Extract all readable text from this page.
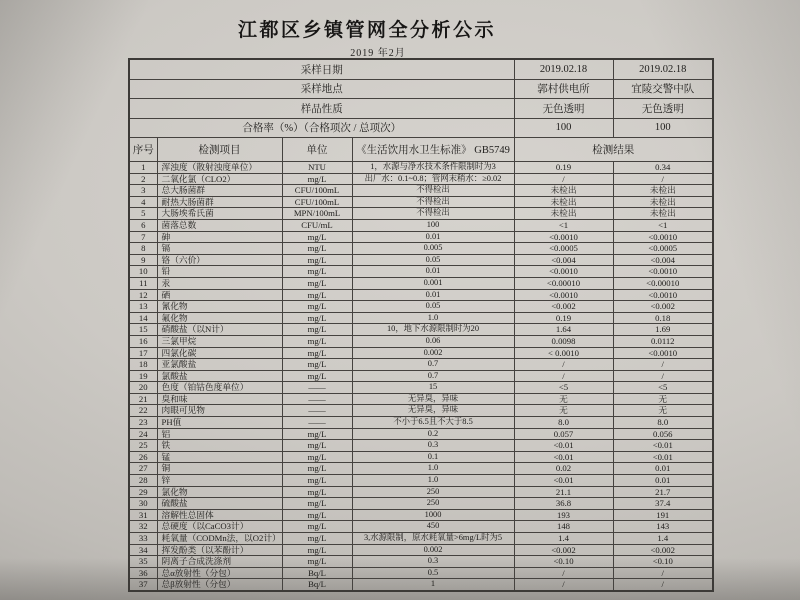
江都区乡镇管网全分析公示
2019 年2月
采样日期				2019.02.18	2019.02.18
采样地点				郭村供电所	宜陵交警中队
样品性质				无色透明	无色透明
合格率（%）（合格项次 / 总项次）				100	100
序号	检测项目	单位	《生活饮用水卫生标准》 GB5749	检测结果	
1	浑浊度（散射浊度单位）	NTU	1，水源与净水技术条件限制时为3	0.19	0.34
2	二氧化氯（CLO2）	mg/L	出厂水：0.1~0.8；管网末稍水：≥0.02	/	/
3	总大肠菌群	CFU/100mL	不得检出	未检出	未检出
4	耐热大肠菌群	CFU/100mL	不得检出	未检出	未检出
5	大肠埃希氏菌	MPN/100mL	不得检出	未检出	未检出
6	菌落总数	CFU/mL	100	<1	<1
7	砷	mg/L	0.01	<0.0010	<0.0010
8	镉	mg/L	0.005	<0.0005	<0.0005
9	铬（六价）	mg/L	0.05	<0.004	<0.004
10	铅	mg/L	0.01	<0.0010	<0.0010
11	汞	mg/L	0.001	<0.00010	<0.00010
12	硒	mg/L	0.01	<0.0010	<0.0010
13	氰化物	mg/L	0.05	<0.002	<0.002
14	氟化物	mg/L	1.0	0.19	0.18
15	硝酸盐（以N计）	mg/L	10，地下水源限制时为20	1.64	1.69
16	三氯甲烷	mg/L	0.06	0.0098	0.0112
17	四氯化碳	mg/L	0.002	< 0.0010	<0.0010
18	亚氯酸盐	mg/L	0.7	/	/
19	氯酸盐	mg/L	0.7	/	/
20	色度（铂钴色度单位）	——	15	<5	<5
21	臭和味	——	无异臭，异味	无	无
22	肉眼可见物	——	无异臭，异味	无	无
23	PH值	——	不小于6.5且不大于8.5	8.0	8.0
24	铝	mg/L	0.2	0.057	0.056
25	铁	mg/L	0.3	<0.01	<0.01
26	锰	mg/L	0.1	<0.01	<0.01
27	铜	mg/L	1.0	0.02	0.01
28	锌	mg/L	1.0	<0.01	0.01
29	氯化物	mg/L	250	21.1	21.7
30	硫酸盐	mg/L	250	36.8	37.4
31	溶解性总固体	mg/L	1000	193	191
32	总硬度（以CaCO3计）	mg/L	450	148	143
33	耗氧量（CODMn法，以O2计）	mg/L	3,水源限制，原水耗氧量>6mg/L时为5	1.4	1.4
34	挥发酚类（以苯酚计）	mg/L	0.002	<0.002	<0.002
35	阴离子合成洗涤剂	mg/L	0.3	<0.10	<0.10
36	总α放射性（分包）	Bq/L	0.5	/	/
37	总β放射性（分包）	Bq/L	1	/	/
